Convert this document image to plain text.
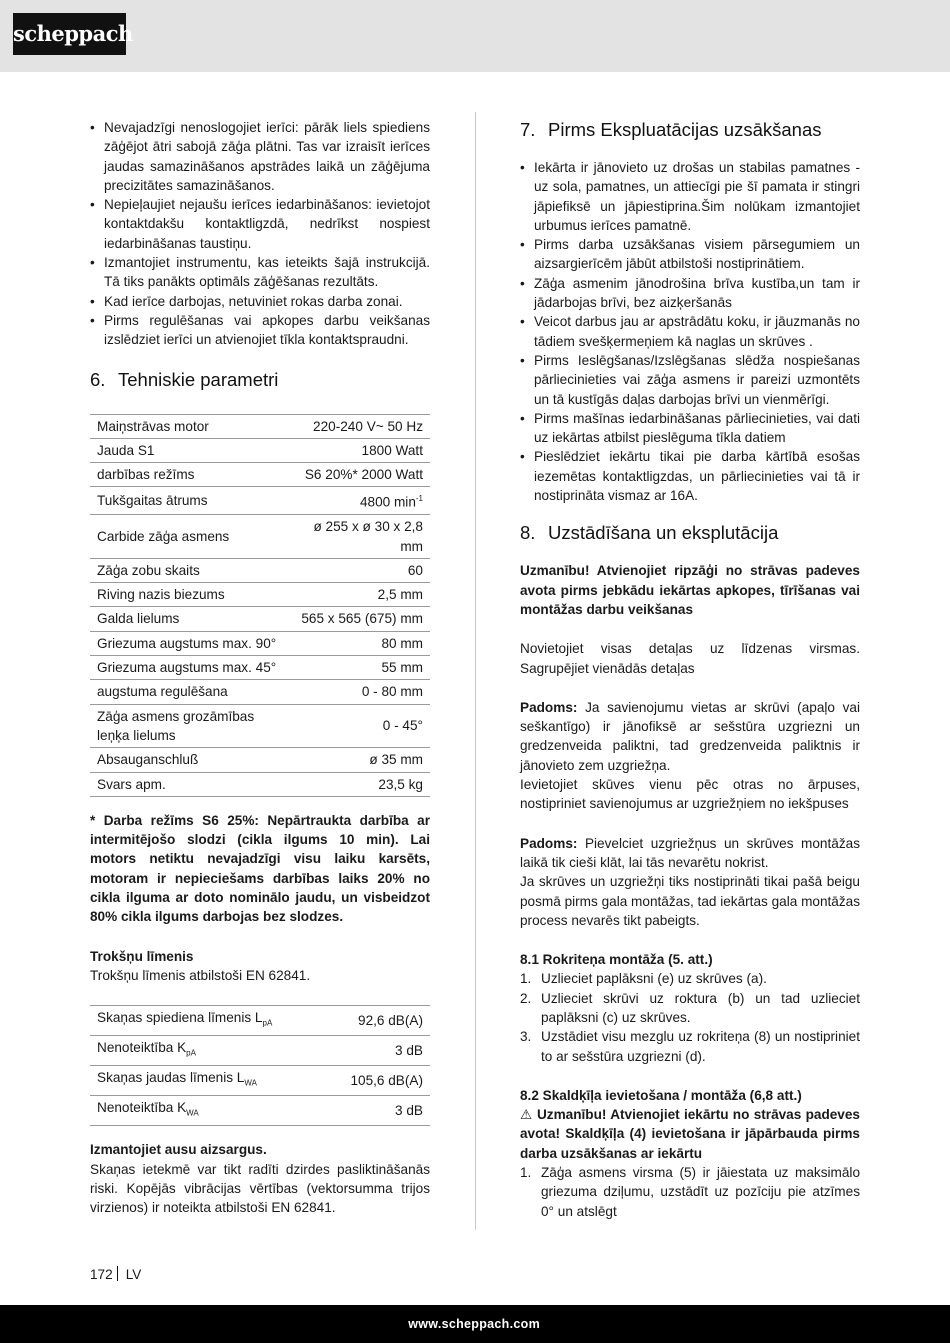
scheppach
• Nevajadzīgi nenoslogojiet ierīci: pārāk liels spiediens zāģējot ātri sabojā zāģa plātni. Tas var izraisīt ierīces jaudas samazināšanos apstrādes laikā un zāģējuma precizitātes samazināšanos.
• Nepieļaujiet nejaušu ierīces iedarbināšanos: ievietojot kontaktdakšu kontaktligzdā, nedrīkst nospiest iedarbināšanas taustiņu.
• Izmantojiet instrumentu, kas ieteikts šajā instrukcijā. Tā tiks panākts optimāls zāģēšanas rezultāts.
• Kad ierīce darbojas, netuviniet rokas darba zonai.
• Pirms regulēšanas vai apkopes darbu veikšanas izslēdziet ierīci un atvienojiet tīkla kontaktspraudni.
6. Tehniskie parametri
Maiņstrāvas motor	220-240 V~ 50 Hz
Jauda S1	1800 Watt
darbības režīms	S6 20%* 2000 Watt
Tukšgaitas ātrums	4800 $\min^{-1}$
Carbide zāģa asmens	ø 255 x ø 30 x 2,8 mm
Zāģa zobu skaits	60
Riving nazis biezums	2,5 mm
Galda lielums	565 x 565 (675) mm
Griezuma augstums max. 90°	80 mm
Griezuma augstums max. 45°	55 mm
augstuma regulēšana	0 - 80 mm
Zāģa asmens grozāmības leņķa lielums	0 - 45°
Absauganschluß	ø 35 mm
Svars apm.	23,5 kg

* Darba režīms S6 25%: Nepārtraukta darbība ar intermitējošo slodzi (cikla ilgums 10 min). Lai motors netiktu nevajadzīgi visu laiku karsēts, motoram ir nepieciešams darbības laiks 20% no cikla ilguma ar doto nominālo jaudu, un visbeidzot 80% cikla ilgums darbojas bez slodzes.

Trokšņu līmenis

Trokšņu līmenis atbilstoši EN 62841.

Skaņas spiediena līmenis $L_{pA}$	92,6 dB(A)
Nenoteiktība $K_{pA}$	3 dB
Skaņas jaudas līmenis $L_{WA}$	105,6 dB(A)
Nenoteiktība $K_{WA}$	3 dB

Izmantojiet ausu aizsargus.

Skaņas ietekmē var tikt radīti dzirdes pasliktināšanās riski. Kopējās vibrācijas vērtības (vektorsumma trijos virzienos) ir noteikta atbilstoši EN 62841.

7. Pirms Ekspluatācijas uzsākšanas
• Iekārta ir jānovieto uz drošas un stabilas pamatnes - uz sola, pamatnes, un attiecīgi pie šī pamata ir stingri jāpiefiksē un jāpiestiprina.Šim nolūkam izmantojiet urbumus ierīces pamatnē.
• Pirms darba uzsākšanas visiem pārsegumiem un aizsargierīcēm jābūt atbilstoši nostiprinātiem.
• Zāģa asmenim jānodrošina brīva kustība,un tam ir jādarbojas brīvi, bez aizķeršanās
• Veicot darbus jau ar apstrādātu koku, ir jāuzmanās no tādiem svešķermeņiem kā naglas un skrūves .
• Pirms Ieslēgšanas/Izslēgšanas slēdža nospiešanas pārliecinieties vai zāģa asmens ir pareizi uzmontēts un tā kustīgās daļas darbojas brīvi un vienmērīgi.
• Pirms mašīnas iedarbināšanas pārliecinieties, vai dati uz iekārtas atbilst pieslēguma tīkla datiem
• Pieslēdziet iekārtu tikai pie darba kārtībā esošas iezemētas kontaktligzdas, un pārliecinieties vai tā ir nostiprināta vismaz ar 16A.
8. Uzstādīšana un eksplutācija

Uzmanību! Atvienojiet ripzāģi no strāvas padeves avota pirms jebkādu iekārtas apkopes, tīrīšanas vai montāžas darbu veikšanas

Novietojiet visas detaļas uz līdzenas virsmas. Sagrupējiet vienādās detaļas

Padoms: Ja savienojumu vietas ar skrūvi (apaļo vai seškantīgo) ir jānofiksē ar sešstūra uzgriezni un gredzenveida paliktni, tad gredzenveida paliktnis ir jānovieto zem uzgriežņa.

Ievietojiet skūves vienu pēc otras no ārpuses, nostipriniet savienojumus ar uzgriežņiem no iekšpuses

Padoms: Pievelciet uzgriežņus un skrūves montāžas laikā tik cieši klāt, lai tās nevarētu nokrist.

Ja skrūves un uzgriežņi tiks nostiprināti tikai pašā beigu posmā pirms gala montāžas, tad iekārtas gala montāžas process nevarēs tikt pabeigts.

8.1 Rokriteņa montāža (5. att.)

1. Uzlieciet paplāksni (e) uz skrūves (a).
2. Uzlieciet skrūvi uz roktura (b) un tad uzlieciet paplāksni (c) uz skrūves.
3. Uzstādiet visu mezglu uz rokriteņa (8) un nostipriniet to ar sešstūra uzgriezni (d).

8.2 Skaldķīļa ievietošana / montāža (6,8 att.)

⚠ Uzmanību! Atvienojiet iekārtu no strāvas padeves avota! Skaldķīļa (4) ievietošana ir jāpārbauda pirms darba uzsākšanas ar iekārtu

1. Zāģa asmens virsma (5) ir jāiestata uz maksimālo griezuma dziļumu, uzstādīt uz pozīciju pie atzīmes 0° un atslēgt
172 LV
www.scheppach.com
